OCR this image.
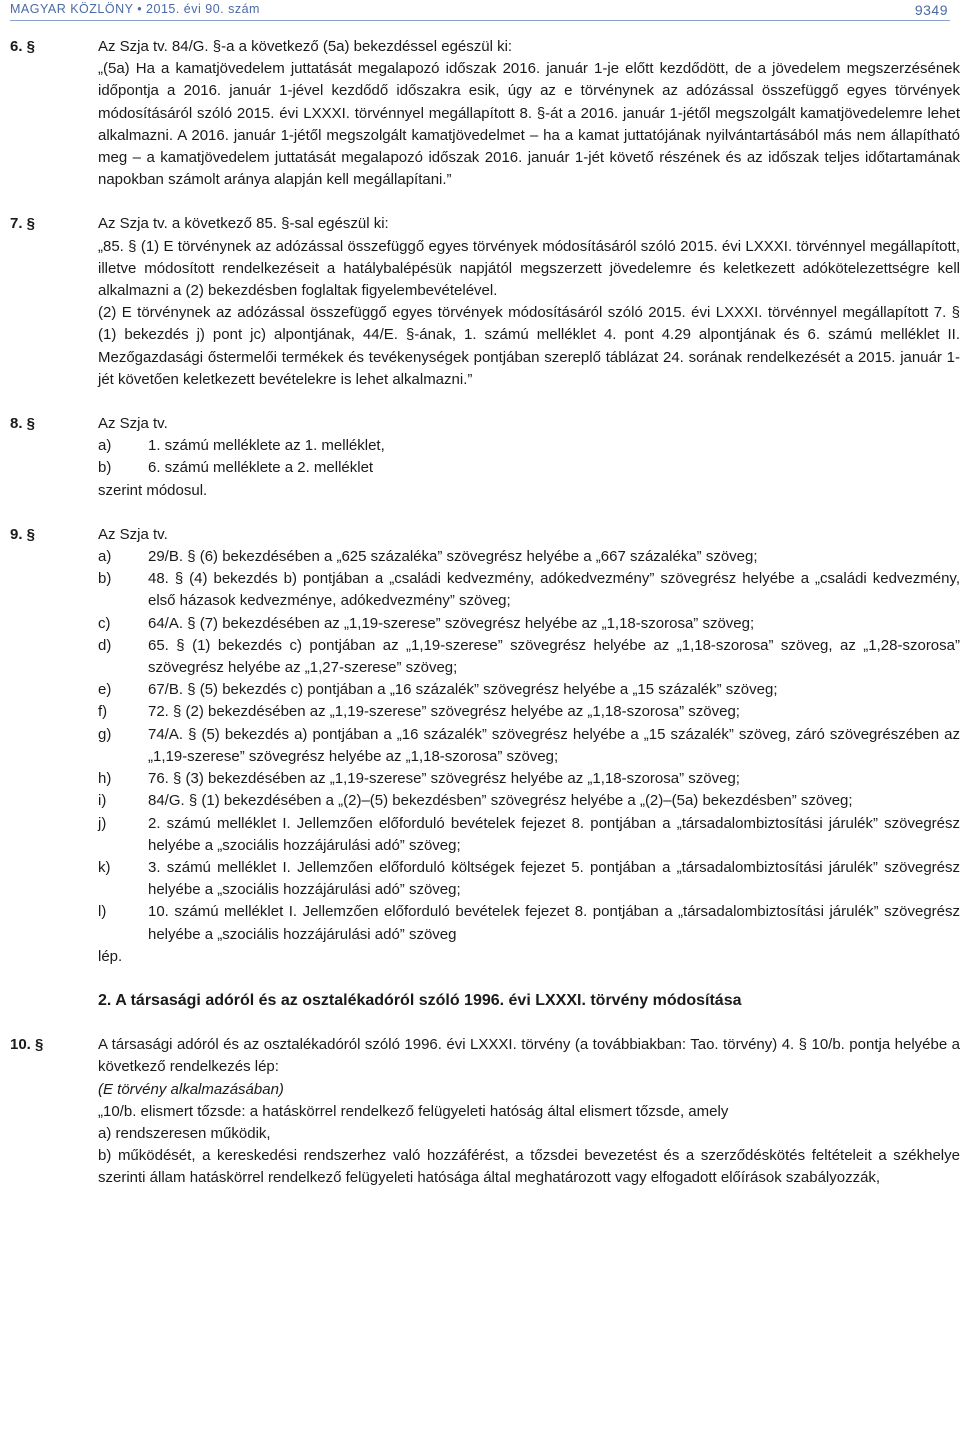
MAGYAR KÖZLÖNY • 2015. évi 90. szám	9349
6. §	Az Szja tv. 84/G. §-a a következő (5a) bekezdéssel egészül ki:

„(5a) Ha a kamatjövedelem juttatását megalapozó időszak 2016. január 1-je előtt kezdődött, de a jövedelem megszerzésének időpontja a 2016. január 1-jével kezdődő időszakra esik, úgy az e törvénynek az adózással összefüggő egyes törvények módosításáról szóló 2015. évi LXXXI. törvénnyel megállapított 8. §-át a 2016. január 1-jétől megszolgált kamatjövedelemre lehet alkalmazni. A 2016. január 1-jétől megszolgált kamatjövedelmet – ha a kamat juttatójának nyilvántartásából más nem állapítható meg – a kamatjövedelem juttatását megalapozó időszak 2016. január 1-jét követő részének és az időszak teljes időtartamának napokban számolt aránya alapján kell megállapítani.”

7. §	Az Szja tv. a következő 85. §-sal egészül ki:

„85. § (1) E törvénynek az adózással összefüggő egyes törvények módosításáról szóló 2015. évi LXXXI. törvénnyel megállapított, illetve módosított rendelkezéseit a hatálybalépésük napjától megszerzett jövedelemre és keletkezett adókötelezettségre kell alkalmazni a (2) bekezdésben foglaltak figyelembevételével.

(2) E törvénynek az adózással összefüggő egyes törvények módosításáról szóló 2015. évi LXXXI. törvénnyel megállapított 7. § (1) bekezdés j) pont jc) alpontjának, 44/E. §-ának, 1. számú melléklet 4. pont 4.29 alpontjának és 6. számú melléklet II. Mezőgazdasági őstermelői termékek és tevékenységek pontjában szereplő táblázat 24. sorának rendelkezését a 2015. január 1-jét követően keletkezett bevételekre is lehet alkalmazni.”

8. §	Az Szja tv.

a) 1. számú melléklete az 1. melléklet,
b) 6. számú melléklete a 2. melléklet

szerint módosul.

9. §	Az Szja tv.

a) 29/B. § (6) bekezdésében a „625 százaléka” szövegrész helyébe a „667 százaléka” szöveg;
b) 48. § (4) bekezdés b) pontjában a „családi kedvezmény, adókedvezmény” szövegrész helyébe a „családi kedvezmény, első házasok kedvezménye, adókedvezmény” szöveg;
c)	64/A. § (7) bekezdésében az „1,19-szerese” szövegrész helyébe az „1,18-szorosa” szöveg;
d) 65. § (1) bekezdés c) pontjában az „1,19-szerese” szövegrész helyébe az „1,18-szorosa” szöveg, az „1,28-szorosa” szövegrész helyébe az „1,27-szerese” szöveg;
e) 67/B. § (5) bekezdés c) pontjában a „16 százalék” szövegrész helyébe a „15 százalék” szöveg;
f)	72. § (2) bekezdésében az „1,19-szerese” szövegrész helyébe az „1,18-szorosa” szöveg;
g) 74/A. § (5) bekezdés a) pontjában a „16 százalék” szövegrész helyébe a „15 százalék” szöveg, záró szövegrészében az „1,19-szerese” szövegrész helyébe az „1,18-szorosa” szöveg;
h) 76. § (3) bekezdésében az „1,19-szerese” szövegrész helyébe az „1,18-szorosa” szöveg;
i)	84/G. § (1) bekezdésében a „(2)–(5) bekezdésben” szövegrész helyébe a „(2)–(5a) bekezdésben” szöveg;
j)	2. számú melléklet I. Jellemzően előforduló bevételek fejezet 8. pontjában a „társadalombiztosítási járulék” szövegrész helyébe a „szociális hozzájárulási adó” szöveg;
k)	3. számú melléklet I. Jellemzően előforduló költségek fejezet 5. pontjában a „társadalombiztosítási járulék” szövegrész helyébe a „szociális hozzájárulási adó” szöveg;
l)	10. számú melléklet I. Jellemzően előforduló bevételek fejezet 8. pontjában a „társadalombiztosítási járulék” szövegrész helyébe a „szociális hozzájárulási adó” szöveg

lép.

2. A társasági adóról és az osztalékadóról szóló 1996. évi LXXXI. törvény módosítása
10. §	A társasági adóról és az osztalékadóról szóló 1996. évi LXXXI. törvény (a továbbiakban: Tao. törvény) 4. § 10/b. pontja helyébe a következő rendelkezés lép:

(E törvény alkalmazásában)

„10/b. elismert tőzsde: a hatáskörrel rendelkező felügyeleti hatóság által elismert tőzsde, amely

a) rendszeresen működik,

b) működését, a kereskedési rendszerhez való hozzáférést, a tőzsdei bevezetést és a szerződéskötés feltételeit a székhelye szerinti állam hatáskörrel rendelkező felügyeleti hatósága által meghatározott vagy elfogadott előírások szabályozzák,
